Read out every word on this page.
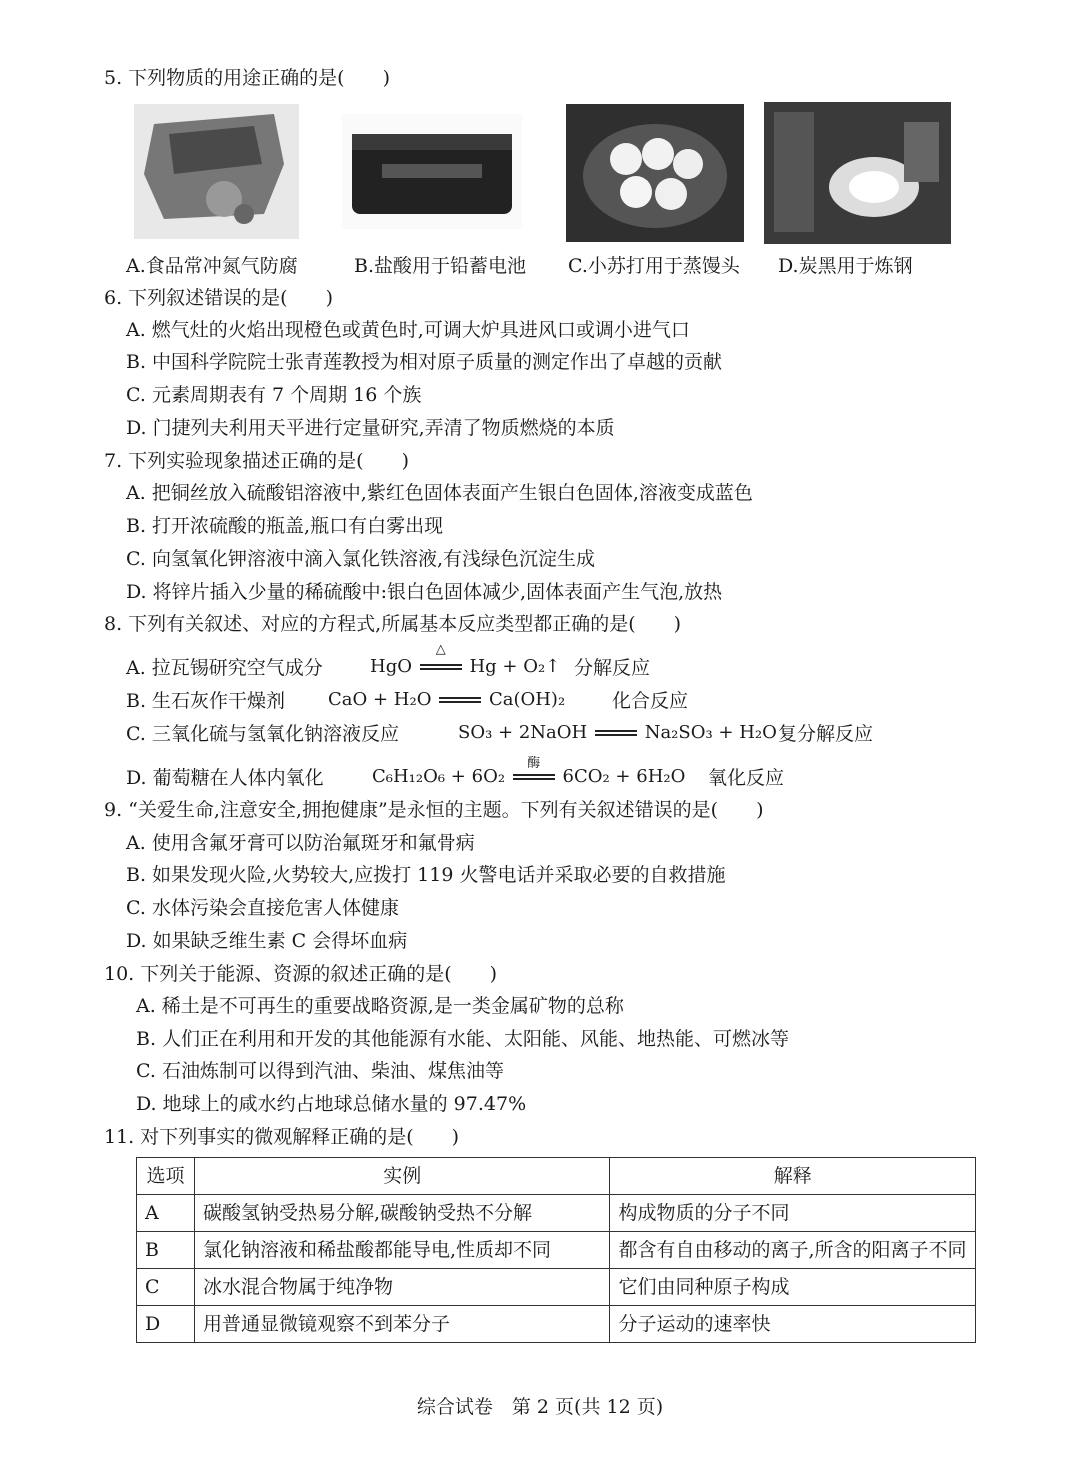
5. 下列物质的用途正确的是(　　)
A.食品常冲氮气防腐	B.盐酸用于铅蓄电池 C.小苏打用于蒸馒头 D.炭黑用于炼钢
6. 下列叙述错误的是(　　)
A. 燃气灶的火焰出现橙色或黄色时,可调大炉具进风口或调小进气口
B. 中国科学院院士张青莲教授为相对原子质量的测定作出了卓越的贡献
C. 元素周期表有 7 个周期 16 个族
D. 门捷列夫利用天平进行定量研究,弄清了物质燃烧的本质
7. 下列实验现象描述正确的是(　　)
A. 把铜丝放入硫酸铝溶液中,紫红色固体表面产生银白色固体,溶液变成蓝色
B. 打开浓硫酸的瓶盖,瓶口有白雾出现
C. 向氢氧化钾溶液中滴入氯化铁溶液,有浅绿色沉淀生成
D. 将锌片插入少量的稀硫酸中:银白色固体减少,固体表面产生气泡,放热
8. 下列有关叙述、对应的方程式,所属基本反应类型都正确的是(　　)
A. 拉瓦锡研究空气成分	HgO
△
Hg + O₂↑ 分解反应
B. 生石灰作干燥剂 CaO + H₂O	Ca(OH)₂ 化合反应
C. 三氧化硫与氢氧化钠溶液反应	SO₃ + 2NaOH	Na₂SO₃ + H₂O 复分解反应
D. 葡萄糖在人体内氧化	C₆H₁₂O₆ + 6O₂
酶
6CO₂ + 6H₂O 氧化反应
9. “关爱生命,注意安全,拥抱健康”是永恒的主题。下列有关叙述错误的是(　　)
A. 使用含氟牙膏可以防治氟斑牙和氟骨病
B. 如果发现火险,火势较大,应拨打 119 火警电话并采取必要的自救措施
C. 水体污染会直接危害人体健康
D. 如果缺乏维生素 C 会得坏血病
10. 下列关于能源、资源的叙述正确的是(　　)
A. 稀土是不可再生的重要战略资源,是一类金属矿物的总称
B. 人们正在利用和开发的其他能源有水能、太阳能、风能、地热能、可燃冰等
C. 石油炼制可以得到汽油、柴油、煤焦油等
D. 地球上的咸水约占地球总储水量的 97.47%
11. 对下列事实的微观解释正确的是(　　)
选项	实例	解释
A	碳酸氢钠受热易分解,碳酸钠受热不分解	构成物质的分子不同
B	氯化钠溶液和稀盐酸都能导电,性质却不同	都含有自由移动的离子,所含的阳离子不同
C	冰水混合物属于纯净物	它们由同种原子构成
D	用普通显微镜观察不到苯分子	分子运动的速率快
综合试卷　第 2 页(共 12 页)
